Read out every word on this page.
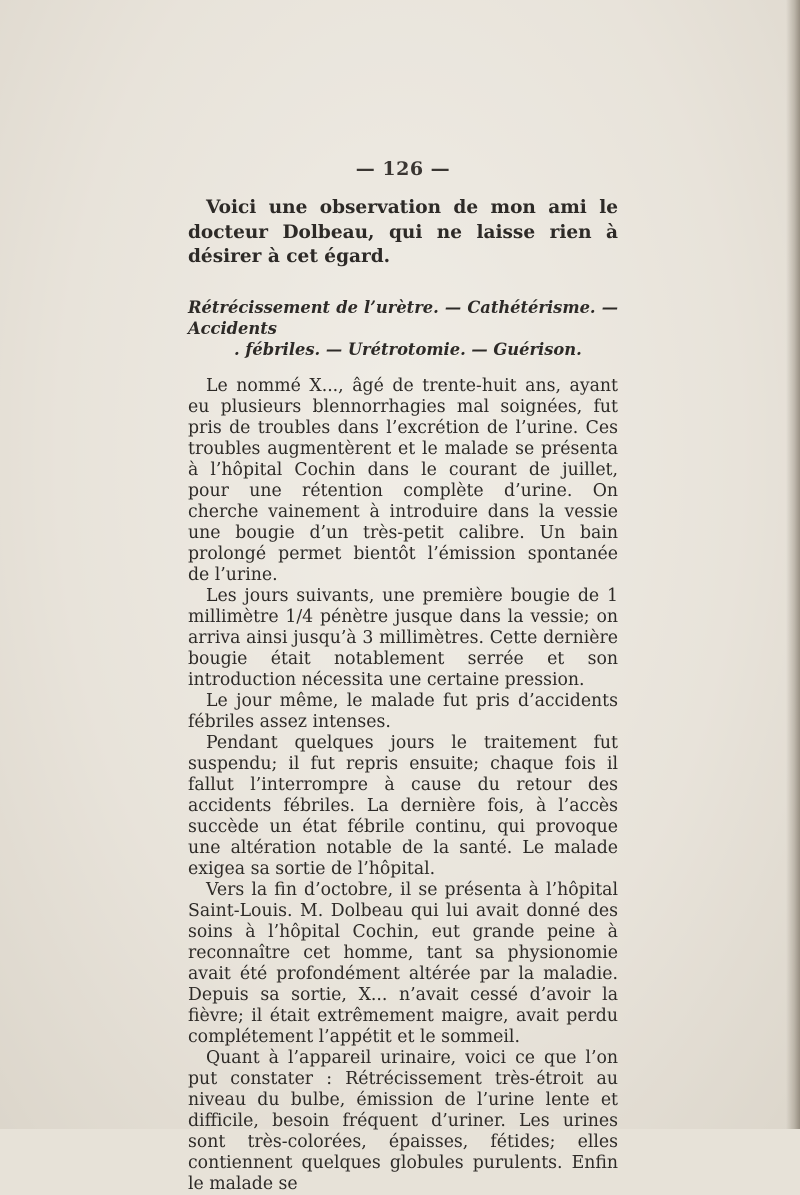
— 126 —

Voici une observation de mon ami le docteur Dolbeau, qui ne laisse rien à désirer à cet égard.

Rétrécissement de l’urètre. — Cathétérisme. — Accidents
. fébriles. — Urétrotomie. — Guérison.

Le nommé X..., âgé de trente-huit ans, ayant eu plusieurs blennorrhagies mal soignées, fut pris de troubles dans l’excrétion de l’urine. Ces troubles augmentèrent et le malade se présenta à l’hôpital Cochin dans le courant de juillet, pour une rétention complète d’urine. On cherche vainement à introduire dans la vessie une bougie d’un très-petit calibre. Un bain prolongé permet bientôt l’émission spontanée de l’urine.

Les jours suivants, une première bougie de 1 millimètre 1/4 pénètre jusque dans la vessie; on arriva ainsi jusqu’à 3 millimètres. Cette dernière bougie était notablement serrée et son introduction nécessita une certaine pression.

Le jour même, le malade fut pris d’accidents fébriles assez intenses.

Pendant quelques jours le traitement fut suspendu; il fut repris ensuite; chaque fois il fallut l’interrompre à cause du retour des accidents fébriles. La dernière fois, à l’accès succède un état fébrile continu, qui provoque une altération notable de la santé. Le malade exigea sa sortie de l’hôpital.

Vers la fin d’octobre, il se présenta à l’hôpital Saint-Louis. M. Dolbeau qui lui avait donné des soins à l’hôpital Cochin, eut grande peine à reconnaître cet homme, tant sa physionomie avait été profondément altérée par la maladie. Depuis sa sortie, X... n’avait cessé d’avoir la fièvre; il était extrêmement maigre, avait perdu complétement l’appétit et le sommeil.

Quant à l’appareil urinaire, voici ce que l’on put constater : Rétrécissement très-étroit au niveau du bulbe, émission de l’urine lente et difficile, besoin fréquent d’uriner. Les urines sont très-colorées, épaisses, fétides; elles contiennent quelques globules purulents. Enfin le malade se
